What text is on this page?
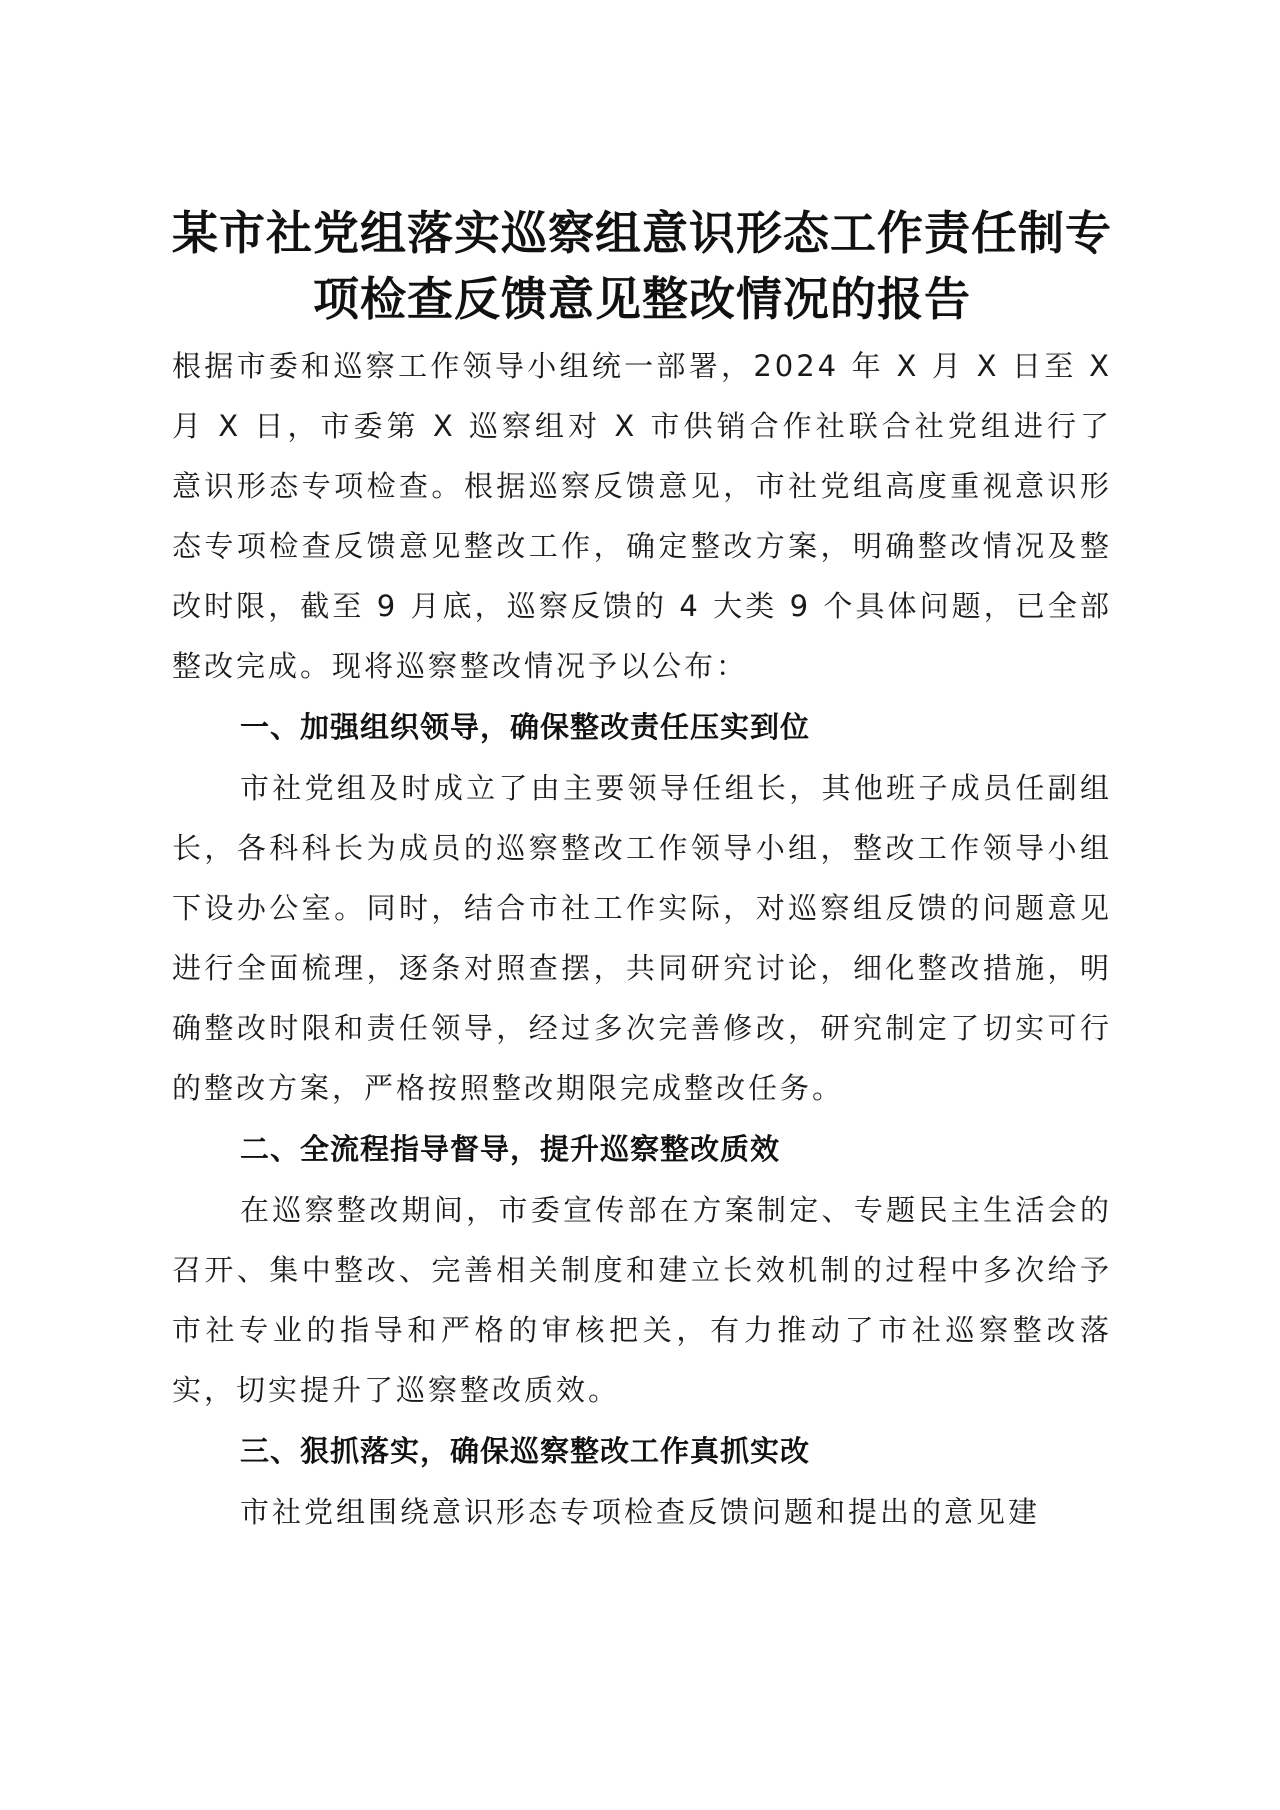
某市社党组落实巡察组意识形态工作责任制专
项检查反馈意见整改情况的报告

根据市委和巡察工作领导小组统一部署，2024 年 X 月 X 日至 X 月 X 日，市委第 X 巡察组对 X 市供销合作社联合社党组进行了意识形态专项检查。根据巡察反馈意见，市社党组高度重视意识形态专项检查反馈意见整改工作，确定整改方案，明确整改情况及整改时限，截至 9 月底，巡察反馈的 4 大类 9 个具体问题，已全部整改完成。现将巡察整改情况予以公布：

一、加强组织领导，确保整改责任压实到位

市社党组及时成立了由主要领导任组长，其他班子成员任副组长，各科科长为成员的巡察整改工作领导小组，整改工作领导小组下设办公室。同时，结合市社工作实际，对巡察组反馈的问题意见进行全面梳理，逐条对照查摆，共同研究讨论，细化整改措施，明确整改时限和责任领导，经过多次完善修改，研究制定了切实可行的整改方案，严格按照整改期限完成整改任务。

二、全流程指导督导，提升巡察整改质效

在巡察整改期间，市委宣传部在方案制定、专题民主生活会的召开、集中整改、完善相关制度和建立长效机制的过程中多次给予市社专业的指导和严格的审核把关，有力推动了市社巡察整改落实，切实提升了巡察整改质效。

三、狠抓落实，确保巡察整改工作真抓实改

市社党组围绕意识形态专项检查反馈问题和提出的意见建
